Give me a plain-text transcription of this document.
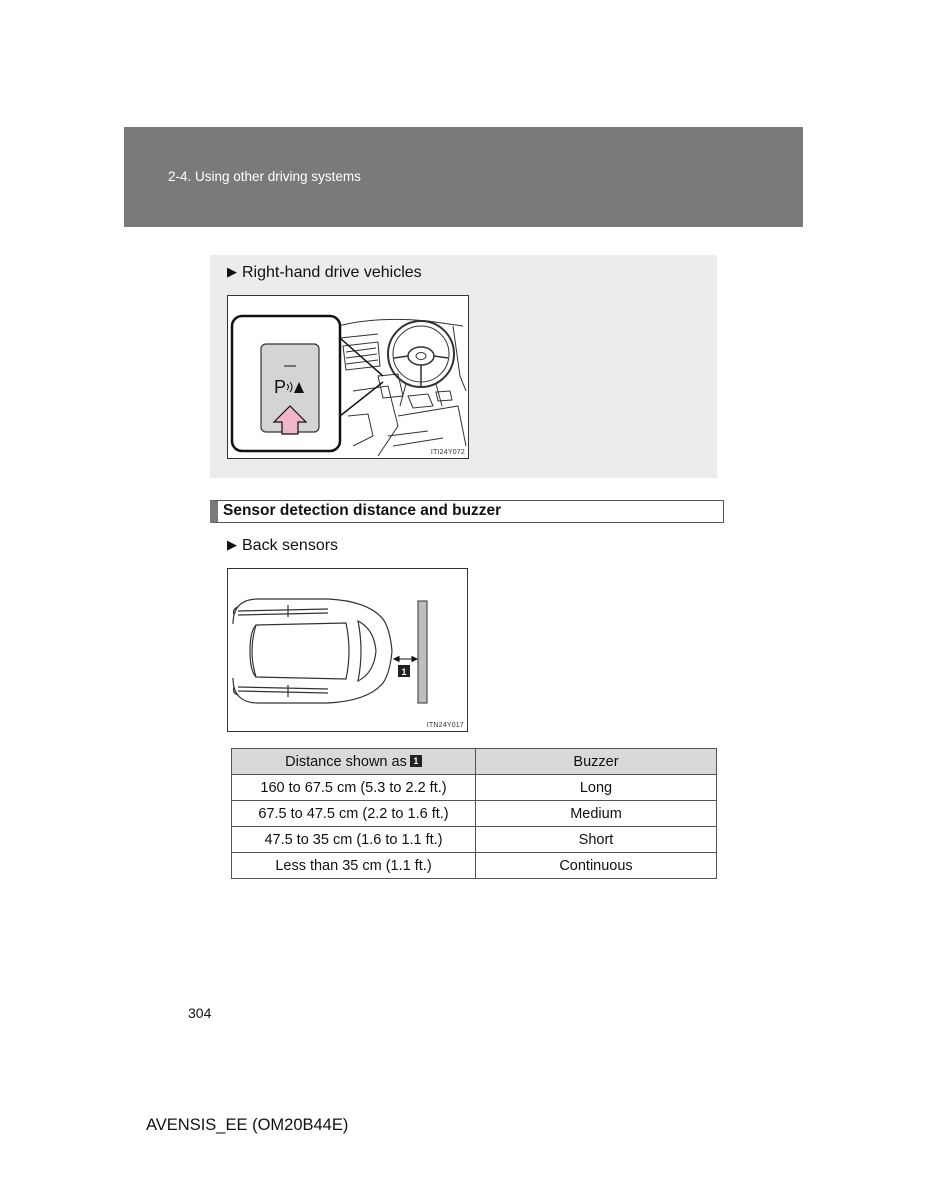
2-4. Using other driving systems
▶ Right-hand drive vehicles
P
ITI24Y072
Sensor detection distance and buzzer
▶ Back sensors
1
ITN24Y017
Distance shown as 1	Buzzer
160 to 67.5 cm (5.3 to 2.2 ft.)	Long
67.5 to 47.5 cm (2.2 to 1.6 ft.)	Medium
47.5 to 35 cm (1.6 to 1.1 ft.)	Short
Less than 35 cm (1.1 ft.)	Continuous
304
AVENSIS_EE (OM20B44E)
